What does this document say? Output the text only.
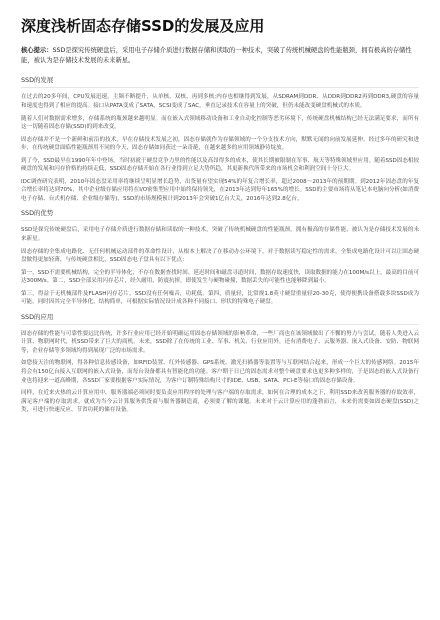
深度浅析固态存储SSD的发展及应用
核心提示：SSD是探究传统硬盘后，采用电子存储介质进行数据存储和读取的一种技术，突破了传统机械硬盘的性能瓶颈，拥有极高的存储性能，被认为是存储技术发展的未来新星。
SSD的发展

在过去的20多年间，CPU发展迅速，主频不断提升，从单核、双核、再到多核;内存也相继得到发展，从SDRAM到DDR、从DDR到DDR2再到DDR3,硬盘的容量和速度也得到了相应的提高。接口从PATA变成了SATA，SCSI变成了SAC，垂直记录技术在容量上的突破，但仍未能改变硬盘机械式的本质。

随着人们对数据需求增多，存储系统的瓶颈越来越明显。而在嵌入式领域移动设备和工业自动化控制等恶劣环境下，传统硬盘机械结构已经无法满足要求，而所有这一切随着固态存储(SSD)的到来改变。

固态存储并不是一个新鲜和前沿的技术，早在存储技术发展之初，固态存储就作为存储领域的一个分支技术方向，默默无闻的向前发展延伸。经过多年的研究和进步，在传统硬盘面临性能瓶颈用不同的今天，固态存储如同获过一朵奇葩，在越来越多的应用领域静待绽放。

到了今，SSD最早在1990年年中登场，当时初就于硬盘竞争力里的性能以及高昂得多的成本，使其长期被限制在军事、航天等特殊领域里应用。随着SSD固态相较硬盘的发展和闪存价格的持续走低，SSD固态存储开始在各行业得到立足大势所趋，其更新换代所带来的市场机会和利润空间十分巨大。

IDC调查研究表明，2010年固态盘采用率将继续呈明显增长趋势，出货量有望实现54%的年复合增长率，超过2008～2013年的预期期。到2012年固态盘的年复合增长率将达到70%，其中企业级存储应用将在I/O密集型应用中始终保持领先，在2013年达到每年165%的增长。SSD的主要市场将从笔记本电脑向分析(如消费电子存储、台式机存储、企业级存储等)，SSD的市场规模预计到2013年会突破1亿台大关，2016年达到2.8亿台。

SSD的优势

SSD是探究传统硬盘后，采用电子存储介质进行数据存储和读取的一种技术，突破了传统机械硬盘的性能瓶颈，拥有极高的存储性能，被认为是存储技术发展的未来新星。

固态存储的全集成电路化、无任何机械运动部件的革命性设计，从根本上解决了在移动办公环境下，对于数据读写稳定性的需求。全集成电路化设计可以让固态硬盘做得更加轻薄，与传统硬盘相比，SSD固态电子盘具有以下优点：

第一，SSD不需要机械结构，完全的半导体化，不存在数据查找时间、延迟时间和磁盘寻道时间，数据存取速度快，读取数据的能力在100M/s以上，最高的目前可达300M/s。第二，SSD全部采用闪存芯片，经久耐用，防震抗摔，即使发生与硬物碰撞，数据丢失的可能性也能够降到最小。

第三，得益于无机械部件及FLASH闪存芯片，SSD没有任何噪音，功耗低。第四，质量轻，比常规1.8英寸硬盘重量轻20-30克，使得便携设备搭载多块SSD成为可能。同时因其完全半导体化，结构简单，可根据实际情况设计成各种不同接口、形状的特殊电子硬盘。

SSD的应用

固态存储的性能与可靠性要远比传统，许多行业应用已经开始明确运用固态存储领域的影响革命，一些厂商也在该领域做出了不懈的努力与尝试。随着人类进入云计算、物联网时代，机SSD带来了巨大的商机。未来，SSD除了在传统的工业、军事、机关、行业应用外，还有消费电子、云服务器、嵌入式设备、安防、物联网等，企业存储等多领域均得到展现广泛的市场需求。

如您接天注的物联网，得各种信息传感设备，如RFID装置、红外传感器、GPS系统、激光扫描器等装置等与互联网结合起来，形成一个巨大的传感网络。2015年将会有150亿台接入互联网的嵌入式设备，而每台设备都具有智能化的功能。客户期于日已的固态需求对整个硬盘要求也更多种多样的，于是固态的嵌入式设备行业也将迎来一道高峰期，各SSD厂家要根据客户实际情况，为客户订制特殊结构尺寸的IDE、USB、SATA、PCI-E等接口的固态存储设备。

同样，在近来火热的云计算应用中，服务器端必须同时要负责应用程序的处理与客户端的存取需求，如何在合理的成本之下，利用SSD来改善服务器的存取效率，满足客户端的存取需求，就成为当今云计算服务供货商与服务器制造商，必须要了解的课题。未来对于云计算应用的蓬勃而言，未来仍需要如固态硬盘(SSD)之类，可进行快速反应、节省功耗的储存设备。
